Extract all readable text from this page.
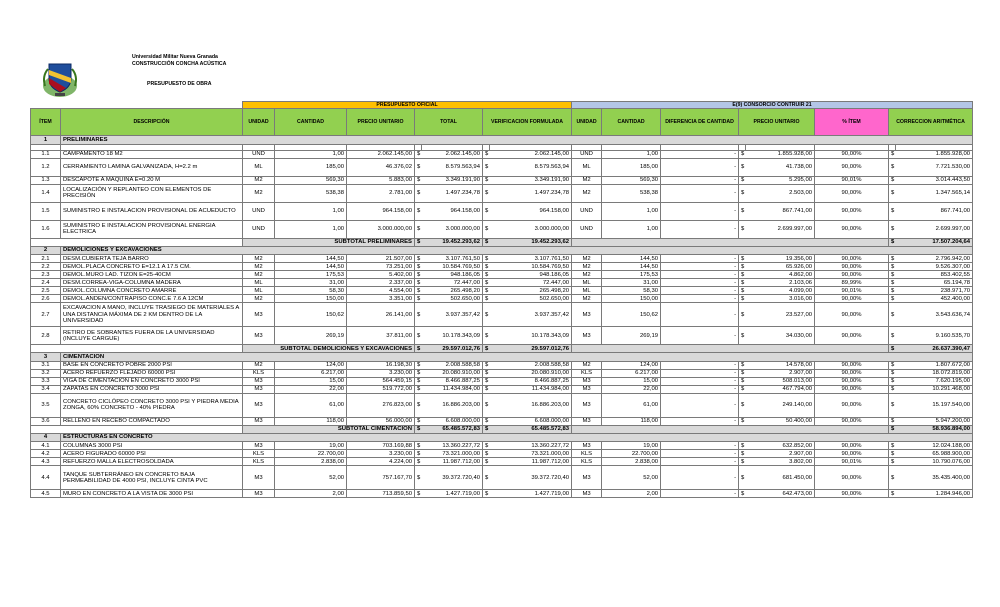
Universidad Militar Nueva Granada
CONSTRUCCIÓN CONCHA ACÚSTICA
PRESUPUESTO DE OBRA
		PRESUPUESTO OFICIAL							E(9) CONSORCIO CONTRUIR 21							
ÍTEM	DESCRIPCIÓN	UNIDAD	CANTIDAD	PRECIO UNITARIO	TOTAL		VERIFICACION FORMULADA		UNIDAD	CANTIDAD	DIFERENCIA DE CANTIDAD	PRECIO UNITARIO		% ÍTEM	CORRECCION ARITMÉTICA	
1	PRELIMINARES															

1.1	CAMPAMENTO 18 M2	UND	1,00	2.062.145,00	$	2.062.145,00	$	2.062.145,00	UND	1,00	-	$	1.855.928,00	90,00%	$	1.855.928,00
1.2	CERRAMIENTO LAMINA GALVANIZADA, H=2.2 m	ML	185,00	46.376,02	$	8.579.563,94	$	8.579.563,94	ML	185,00	-	$	41.738,00	90,00%	$	7.721.530,00
1.3	DESCAPOTE A MAQUINA E=0.20 M	M2	569,30	5.883,00	$	3.349.191,90	$	3.349.191,90	M2	569,30	-	$	5.295,00	90,01%	$	3.014.443,50
1.4	LOCALIZACIÓN Y REPLANTEO CON ELEMENTOS DE PRECISIÓN	M2	538,38	2.781,00	$	1.497.234,78	$	1.497.234,78	M2	538,38	-	$	2.503,00	90,00%	$	1.347.565,14
1.5	SUMINISTRO E INSTALACION PROVISIONAL DE ACUEDUCTO	UND	1,00	964.158,00	$	964.158,00	$	964.158,00	UND	1,00	-	$	867.741,00	90,00%	$	867.741,00
1.6	SUMINISTRO E INSTALACION PROVISIONAL ENERGIA ELECTRICA	UND	1,00	3.000.000,00	$	3.000.000,00	$	3.000.000,00	UND	1,00	-	$	2.699.997,00	90,00%	$	2.699.997,00
		SUBTOTAL PRELIMINARES			$	19.452.293,62	$	19.452.293,62							$	17.507.204,64
2	DEMOLICIONES Y EXCAVACIONES															
2.1	DESM.CUBIERTA TEJA BARRO	M2	144,50	21.507,00	$	3.107.761,50	$	3.107.761,50	M2	144,50	-	$	19.356,00	90,00%	$	2.796.942,00
2.2	DEMOL.PLACA CONCRETO E=12.1 A 17.5 CM.	M2	144,50	73.251,00	$	10.584.769,50	$	10.584.769,50	M2	144,50	-	$	65.926,00	90,00%	$	9.526.307,00
2.3	DEMOL.MURO LAD. TIZON E=25-40CM	M2	175,53	5.402,00	$	948.186,05	$	948.186,05	M2	175,53	-	$	4.862,00	90,00%	$	853.402,55
2.4	DESM.CORREA-VIGA-COLUMNA MADERA	ML	31,00	2.337,00	$	72.447,00	$	72.447,00	ML	31,00	-	$	2.103,06	89,99%	$	65.194,78
2.5	DEMOL.COLUMNA CONCRETO AMARRE	ML	58,30	4.554,00	$	265.498,20	$	265.498,20	ML	58,30	-	$	4.099,00	90,01%	$	238.971,70
2.6	DEMOL.ANDEN/CONTRAPISO CONC.E 7.6 A 12CM	M2	150,00	3.351,00	$	502.650,00	$	502.650,00	M2	150,00	-	$	3.016,00	90,00%	$	452.400,00
2.7	EXCAVACION A MANO, INCLUYE TRASIEGO DE MATERIALES A UNA DISTANCIA MÁXIMA DE 2 KM DENTRO DE LA UNIVERSIDAD	M3	150,62	26.141,00	$	3.937.357,42	$	3.937.357,42	M3	150,62	-	$	23.527,00	90,00%	$	3.543.636,74
2.8	RETIRO DE SOBRANTES FUERA DE LA UNIVERSIDAD (INCLUYE CARGUE)	M3	269,19	37.811,00	$	10.178.343,09	$	10.178.343,09	M3	269,19	-	$	34.030,00	90,00%	$	9.160.535,70
		SUBTOTAL DEMOLICIONES Y EXCAVACIONES			$	29.597.012,76	$	29.597.012,76							$	26.637.390,47
3	CIMENTACION															
3.1	BASE EN CONCRETO POBRE 2000 PSI	M2	124,00	16.198,30	$	2.008.588,58	$	2.008.588,58	M2	124,00	-	$	14.578,00	90,00%	$	1.807.672,00
3.2	ACERO REFUERZO FLEJADO 60000 PSI	KLS	6.217,00	3.230,00	$	20.080.910,00	$	20.080.910,00	KLS	6.217,00	-	$	2.907,00	90,00%	$	18.072.819,00
3.3	VIGA DE CIMENTACION EN CONCRETO 3000 PSI	M3	15,00	564.459,15	$	8.466.887,25	$	8.466.887,25	M3	15,00	-	$	508.013,00	90,00%	$	7.620.195,00
3.4	ZAPATAS EN CONCRETO 3000 PSI	M3	22,00	519.772,00	$	11.434.984,00	$	11.434.984,00	M3	22,00	-	$	467.794,00	90,00%	$	10.291.468,00
3.5	CONCRETO CICLÓPEO CONCRETO 3000 PSI Y PIEDRA MEDIA ZONGA, 60% CONCRETO - 40% PIEDRA	M3	61,00	276.823,00	$	16.886.203,00	$	16.886.203,00	M3	61,00	-	$	249.140,00	90,00%	$	15.197.540,00
3.6	RELLENO EN RECEBO COMPACTADO	M3	118,00	56.000,00	$	6.608.000,00	$	6.608.000,00	M3	118,00	-	$	50.400,00	90,00%	$	5.947.200,00
		SUBTOTAL CIMENTACION			$	65.485.572,83	$	65.485.572,83							$	58.936.894,00
4	ESTRUCTURAS EN CONCRETO															
4.1	COLUMNAS 3000 PSI	M3	19,00	703.169,88	$	13.360.227,72	$	13.360.227,72	M3	19,00	-	$	632.852,00	90,00%	$	12.024.188,00
4.2	ACERO FIGURADO 60000 PSI	KLS	22.700,00	3.230,00	$	73.321.000,00	$	73.321.000,00	KLS	22.700,00	-	$	2.907,00	90,00%	$	65.988.900,00
4.3	REFUERZO MALLA ELECTROSOLDADA	KLS	2.838,00	4.224,00	$	11.987.712,00	$	11.987.712,00	KLS	2.838,00	-	$	3.802,00	90,01%	$	10.790.076,00
4.4	TANQUE SUBTERRÁNEO EN CONCRETO BAJA PERMEABILIDAD DE 4000 PSI, INCLUYE CINTA PVC	M3	52,00	757.167,70	$	39.372.720,40	$	39.372.720,40	M3	52,00	-	$	681.450,00	90,00%	$	35.435.400,00
4.5	MURO EN CONCRETO A LA VISTA DE 3000 PSI	M3	2,00	713.859,50	$	1.427.719,00	$	1.427.719,00	M3	2,00	-	$	642.473,00	90,00%	$	1.284.946,00
